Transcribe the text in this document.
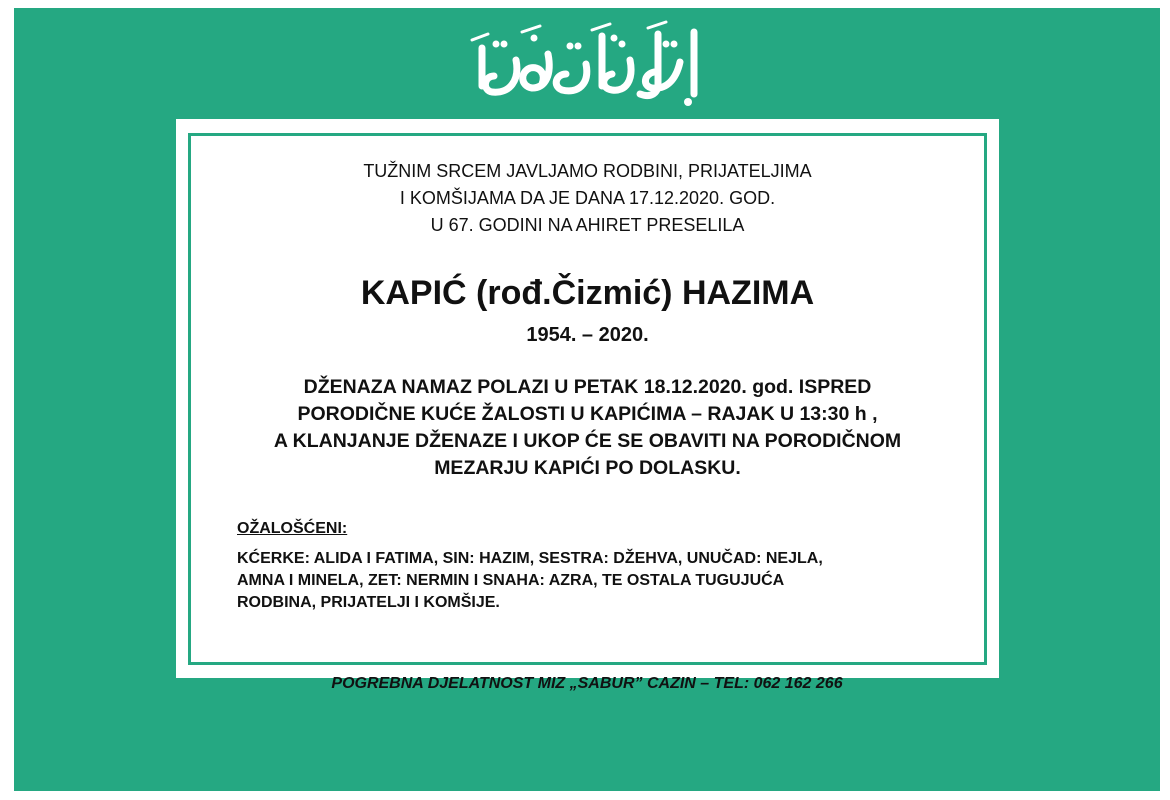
TUŽNIM SRCEM JAVLJAMO RODBINI, PRIJATELJIMA
I KOMŠIJAMA DA JE DANA 17.12.2020. GOD.
U 67. GODINI NA AHIRET PRESELILA

KAPIĆ (rođ.Čizmić) HAZIMA

1954. – 2020.

DŽENAZA NAMAZ POLAZI U PETAK 18.12.2020. god. ISPRED
PORODIČNE KUĆE ŽALOSTI U KAPIĆIMA – RAJAK U 13:30 h ,
A KLANJANJE DŽENAZE I UKOP ĆE SE OBAVITI NA PORODIČNOM
MEZARJU KAPIĆI PO DOLASKU.

OŽALOŠĆENI:
KĆERKE: ALIDA I FATIMA, SIN: HAZIM, SESTRA: DŽEHVA, UNUČAD: NEJLA,
AMNA I MINELA, ZET: NERMIN I SNAHA: AZRA, TE OSTALA TUGUJUĆA
RODBINA, PRIJATELJI I KOMŠIJE.
POGREBNA DJELATNOST MIZ „SABUR” CAZIN – TEL: 062 162 266
